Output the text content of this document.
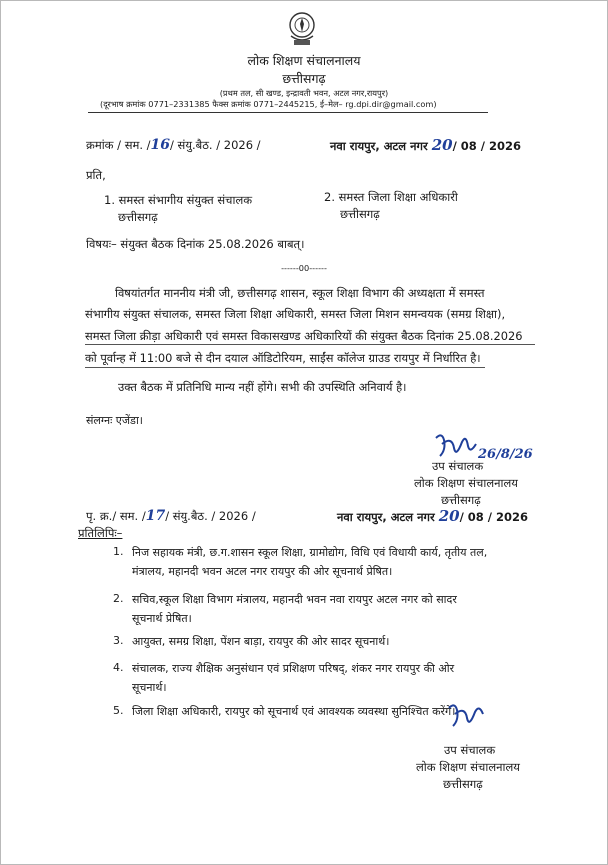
लोक शिक्षण संचालनालय
छत्तीसगढ़
(प्रथम तल, सी खण्ड, इन्द्रावती भवन, अटल नगर,रायपुर)
(दूरभाष क्रमांक 0771–2331385 फैक्स क्रमांक 0771–2445215, ई–मेल– rg.dpi.dir@gmail.com)
क्रमांक / सम. /16/ संयु.बैठ. / 2026 /	नवा रायपुर, अटल नगर 20/ 08 / 2026
प्रति,
1. समस्त संभागीय संयुक्त संचालक
छत्तीसगढ़
2. समस्त जिला शिक्षा अधिकारी
छत्तीसगढ़
विषयः– संयुक्त बैठक दिनांक 25.08.2026 बाबत्।
------00------
विषयांतर्गत माननीय मंत्री जी, छत्तीसगढ़ शासन, स्कूल शिक्षा विभाग की अध्यक्षता में समस्त
संभागीय संयुक्त संचालक, समस्त जिला शिक्षा अधिकारी, समस्त जिला मिशन समन्वयक (समग्र शिक्षा),
समस्त जिला क्रीड़ा अधिकारी एवं समस्त विकासखण्ड अधिकारियों की संयुक्त बैठक दिनांक 25.08.2026
को पूर्वान्ह में 11:00 बजे से दीन दयाल ऑडिटोरियम, साईंस कॉलेज ग्राउड रायपुर में निर्धारित है।
उक्त बैठक में प्रतिनिधि मान्य नहीं होंगे। सभी की उपस्थिति अनिवार्य है।
संलग्नः एजेंडा।
26/8/26
उप संचालक
लोक शिक्षण संचालनालय
छत्तीसगढ़
पृ. क्र./ सम. /17/ संयु.बैठ. / 2026 /	नवा रायपुर, अटल नगर 20/ 08 / 2026
प्रतिलिपिः–
1. निज सहायक मंत्री, छ.ग.शासन स्कूल शिक्षा, ग्रामोद्योग, विधि एवं विधायी कार्य, तृतीय तल,
मंत्रालय, महानदी भवन अटल नगर रायपुर की ओर सूचनार्थ प्रेषित।
2. सचिव,स्कूल शिक्षा विभाग मंत्रालय, महानदी भवन नवा रायपुर अटल नगर को सादर
सूचनार्थ प्रेषित।
3. आयुक्त, समग्र शिक्षा, पेंशन बाड़ा, रायपुर की ओर सादर सूचनार्थ।
4. संचालक, राज्य शैक्षिक अनुसंधान एवं प्रशिक्षण परिषद्, शंकर नगर रायपुर की ओर
सूचनार्थ।
5. जिला शिक्षा अधिकारी, रायपुर को सूचनार्थ एवं आवश्यक व्यवस्था सुनिश्चित करेंगें।
उप संचालक
लोक शिक्षण संचालनालय
छत्तीसगढ़
